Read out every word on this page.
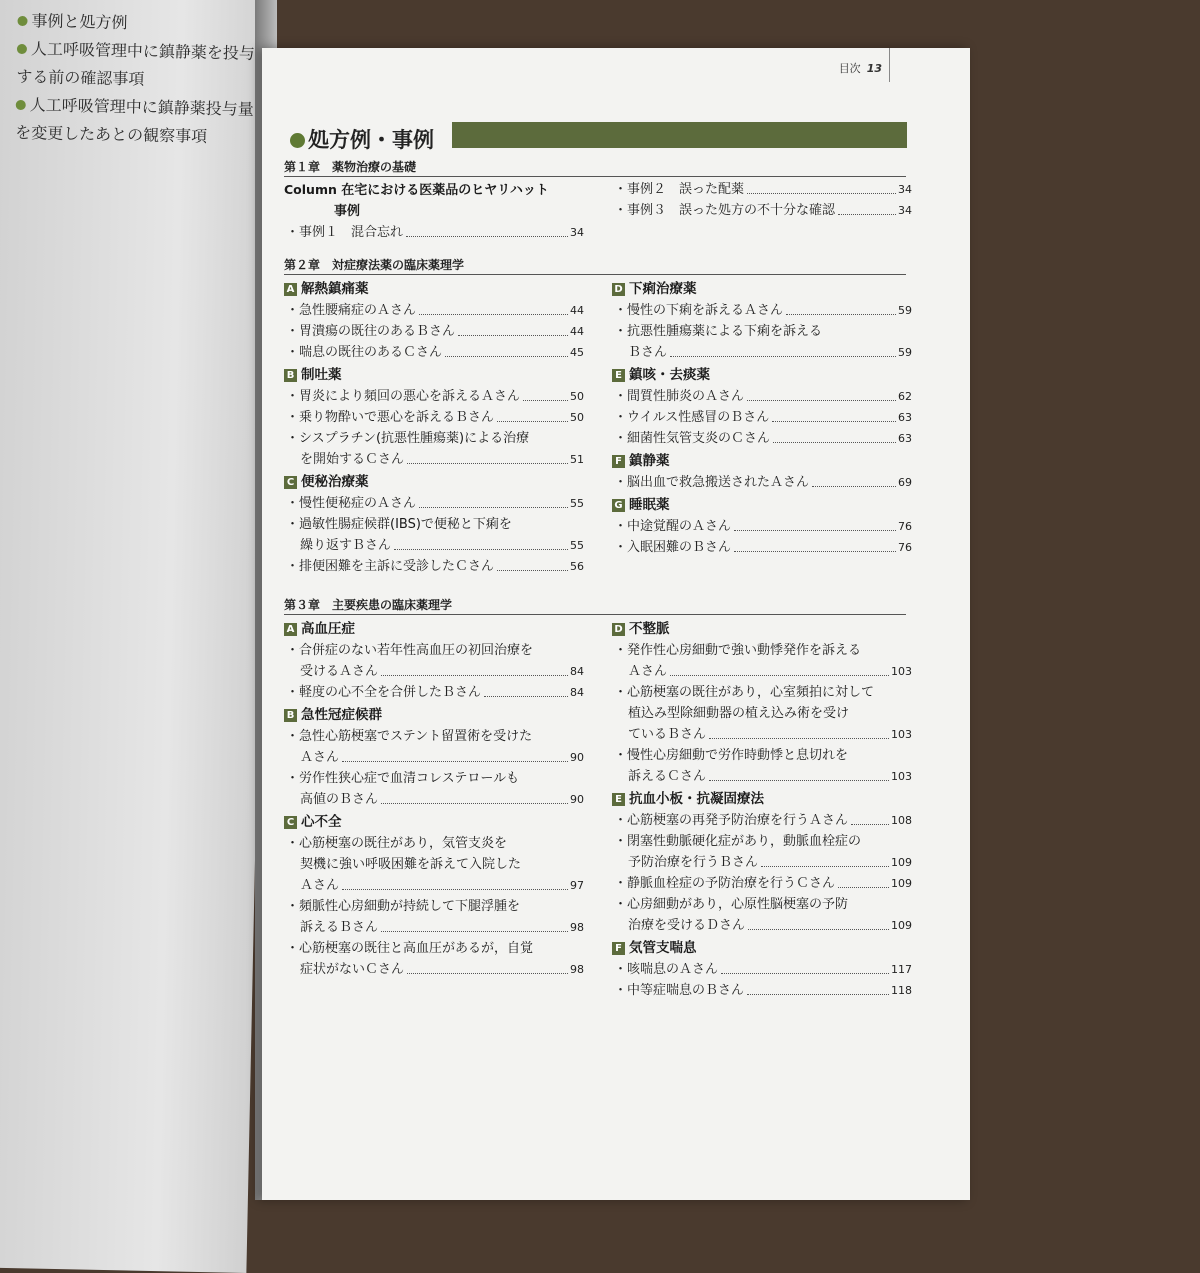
事例と処方例
人工呼吸管理中に鎮静薬を投与
する前の確認事項
人工呼吸管理中に鎮静薬投与量
を変更したあとの観察事項
目次 13
処方例・事例
第１章　薬物治療の基礎
Column 在宅における医薬品のヒヤリハット
事例
・事例１　混合忘れ	34
・事例２　誤った配薬	34
・事例３　誤った処方の不十分な確認	34
第２章　対症療法薬の臨床薬理学
A 解熱鎮痛薬
・急性腰痛症のＡさん	44
・胃潰瘍の既往のあるＢさん	44
・喘息の既往のあるＣさん	45
B 制吐薬
・胃炎により頻回の悪心を訴えるＡさん	50
・乗り物酔いで悪心を訴えるＢさん	50
・シスプラチン(抗悪性腫瘍薬)による治療
を開始するＣさん	51
C 便秘治療薬
・慢性便秘症のＡさん	55
・過敏性腸症候群(IBS)で便秘と下痢を
繰り返すＢさん	55
・排便困難を主訴に受診したＣさん	56
D 下痢治療薬
・慢性の下痢を訴えるＡさん	59
・抗悪性腫瘍薬による下痢を訴える
Ｂさん	59
E 鎮咳・去痰薬
・間質性肺炎のＡさん	62
・ウイルス性感冒のＢさん	63
・細菌性気管支炎のＣさん	63
F 鎮静薬
・脳出血で救急搬送されたＡさん	69
G 睡眠薬
・中途覚醒のＡさん	76
・入眠困難のＢさん	76
第３章　主要疾患の臨床薬理学
A 高血圧症
・合併症のない若年性高血圧の初回治療を
受けるＡさん	84
・軽度の心不全を合併したＢさん	84
B 急性冠症候群
・急性心筋梗塞でステント留置術を受けた
Ａさん	90
・労作性狭心症で血清コレステロールも
高値のＢさん	90
C 心不全
・心筋梗塞の既往があり，気管支炎を
契機に強い呼吸困難を訴えて入院した
Ａさん	97
・頻脈性心房細動が持続して下腿浮腫を
訴えるＢさん	98
・心筋梗塞の既往と高血圧があるが，自覚
症状がないＣさん	98
D 不整脈
・発作性心房細動で強い動悸発作を訴える
Ａさん	103
・心筋梗塞の既往があり，心室頻拍に対して
植込み型除細動器の植え込み術を受け
ているＢさん	103
・慢性心房細動で労作時動悸と息切れを
訴えるＣさん	103
E 抗血小板・抗凝固療法
・心筋梗塞の再発予防治療を行うＡさん	108
・閉塞性動脈硬化症があり，動脈血栓症の
予防治療を行うＢさん	109
・静脈血栓症の予防治療を行うＣさん	109
・心房細動があり，心原性脳梗塞の予防
治療を受けるＤさん	109
F 気管支喘息
・咳喘息のＡさん	117
・中等症喘息のＢさん	118
